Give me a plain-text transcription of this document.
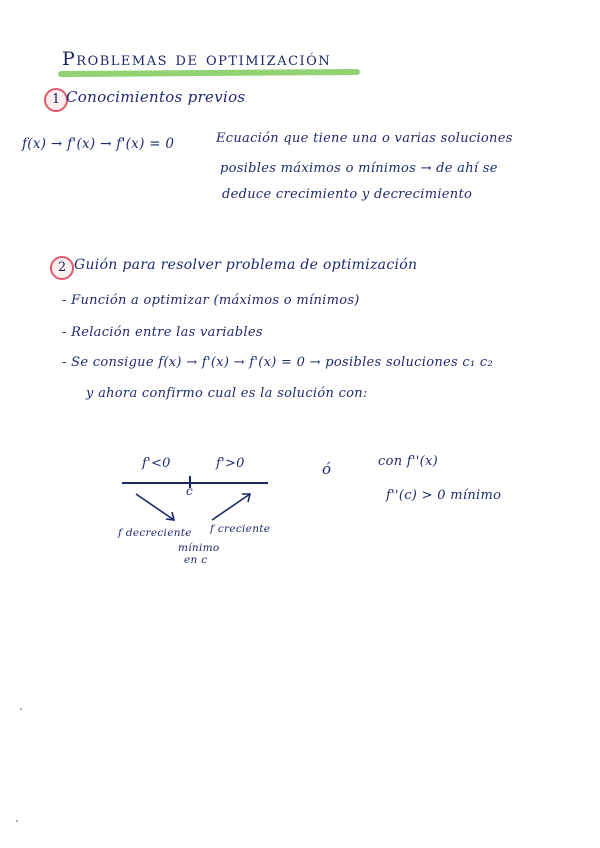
Problemas de optimización
1 Conocimientos previos
f(x) → f'(x) → f'(x) = 0	Ecuación que tiene una o varias soluciones
posibles máximos o mínimos → de ahí se
deduce crecimiento y decrecimiento
2 Guión para resolver problema de optimización
- Función a optimizar (máximos o mínimos)
- Relación entre las variables
- Se consigue f(x) → f'(x) → f'(x) = 0 → posibles soluciones c₁ c₂
y ahora confirmo cual es la solución con:
f'<0	f'>0
c
f decreciente f creciente
mínimo
en c
ó	con f''(x)
f''(c) > 0 mínimo
